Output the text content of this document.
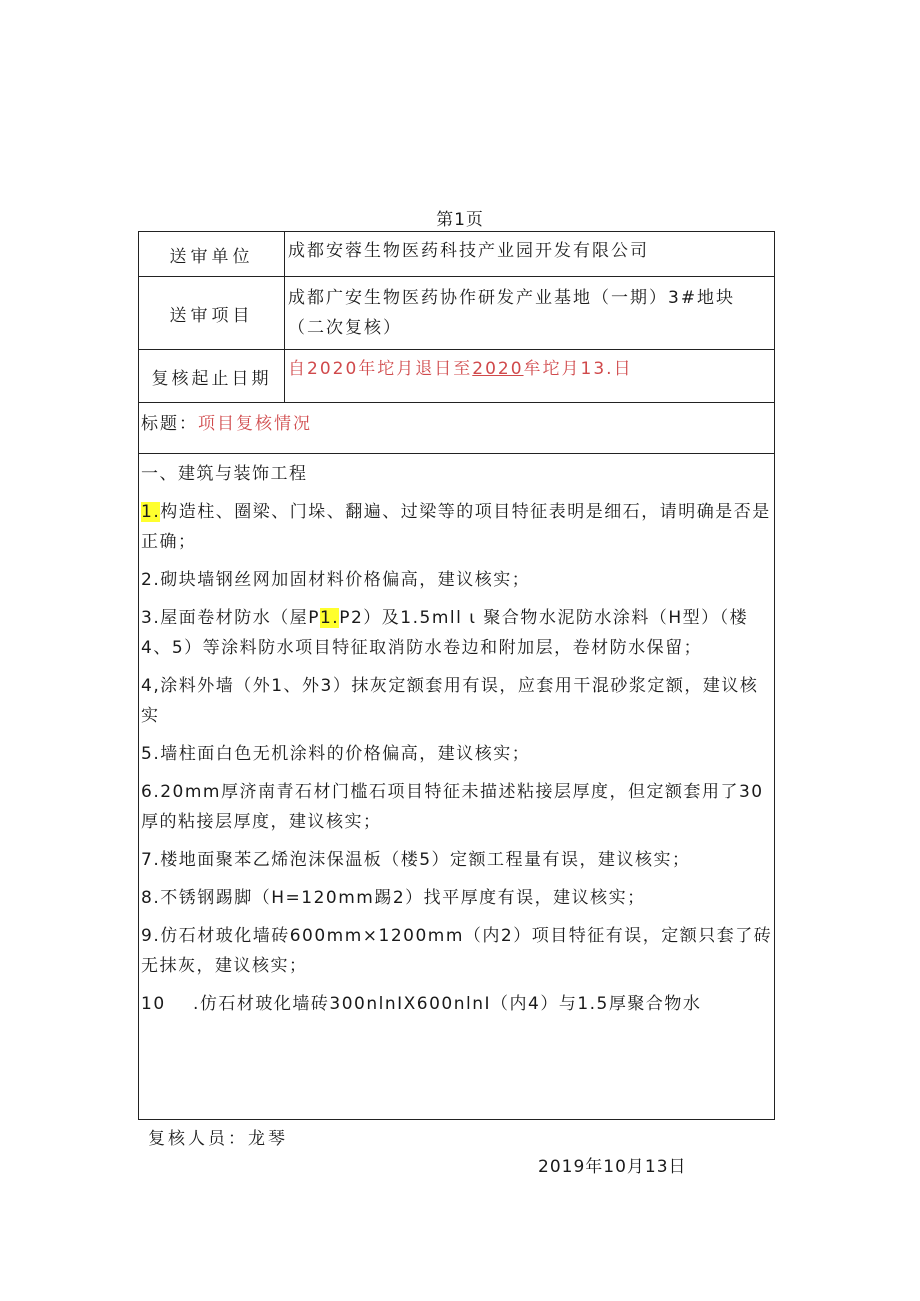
第1页
送审单位	成都安蓉生物医药科技产业园开发有限公司
送审项目
成都广安生物医药协作研发产业基地（一期）3#地块
（二次复核）
复核起止日期 自2020年坨月退日至2020牟坨月13.日
标题：项目复核情况

一、建筑与装饰工程

1.构造柱、圈梁、门垛、翻遍、过梁等的项目特征表明是细石，请明确是否是正确；

2.砌块墙钢丝网加固材料价格偏高，建议核实；

3.屋面卷材防水（屋P1.P2）及1.5mll ι 聚合物水泥防水涂料（H型）（楼4、5）等涂料防水项目特征取消防水卷边和附加层，卷材防水保留；

4,涂料外墙（外1、外3）抹灰定额套用有误，应套用干混砂浆定额，建议核实

5.墙柱面白色无机涂料的价格偏高，建议核实；

6.20mm厚济南青石材门槛石项目特征未描述粘接层厚度，但定额套用了30厚的粘接层厚度，建议核实；

7.楼地面聚苯乙烯泡沫保温板（楼5）定额工程量有误，建议核实；

8.不锈钢踢脚（H=120mm踢2）找平厚度有误，建议核实；

9.仿石材玻化墙砖600mm×1200mm（内2）项目特征有误，定额只套了砖无抹灰，建议核实；

10 .仿石材玻化墙砖300nlnIX600nlnI（内4）与1.5厚聚合物水

复核人员：龙琴
2019年10月13日
